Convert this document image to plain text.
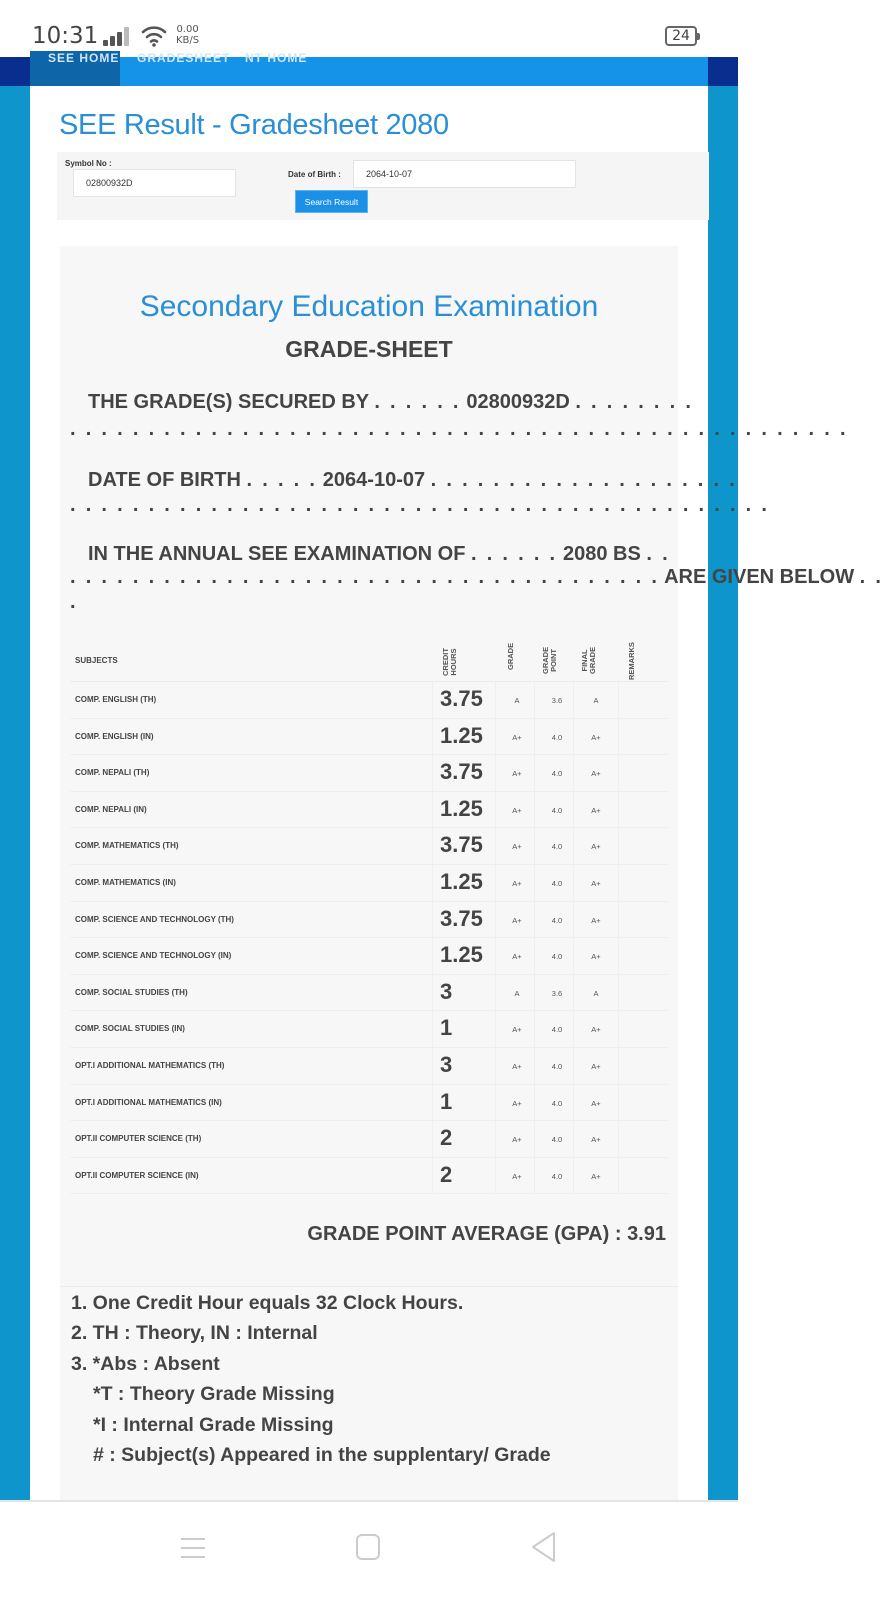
10:31	0.00
KB/S	24
SEE HOME GRADESHEET NT HOME
SEE Result - Gradesheet 2080
Symbol No :
02800932D
Date of Birth :	2064-10-07
Search Result
Secondary Education Examination
GRADE-SHEET
THE GRADE(S) SECURED BY . . . . . . 02800932D . . . . . . . .
. . . . . . . . . . . . . . . . . . . . . . . . . . . . . . . . . . . . . . . . . . . . . . . . . .
DATE OF BIRTH . . . . . 2064-10-07 . . . . . . . . . . . . . . . . . . . .
. . . . . . . . . . . . . . . . . . . . . . . . . . . . . . . . . . . . . . . . . . . . .
IN THE ANNUAL SEE EXAMINATION OF . . . . . . 2080 BS . .
. . . . . . . . . . . . . . . . . . . . . . . . . . . . . . . . . . . . . . ARE GIVEN BELOW . .
.
SUBJECTS	CREDIT HOURS	GRADE	GRADE POINT	FINAL GRADE	REMARKS
COMP. ENGLISH (TH)	3.75	A	3.6	A
COMP. ENGLISH (IN)	1.25	A+	4.0	A+
COMP. NEPALI (TH)	3.75	A+	4.0	A+
COMP. NEPALI (IN)	1.25	A+	4.0	A+
COMP. MATHEMATICS (TH)	3.75	A+	4.0	A+
COMP. MATHEMATICS (IN)	1.25	A+	4.0	A+
COMP. SCIENCE AND TECHNOLOGY (TH)	3.75	A+	4.0	A+
COMP. SCIENCE AND TECHNOLOGY (IN)	1.25	A+	4.0	A+
COMP. SOCIAL STUDIES (TH)	3	A	3.6	A
COMP. SOCIAL STUDIES (IN)	1	A+	4.0	A+
OPT.I ADDITIONAL MATHEMATICS (TH)	3	A+	4.0	A+
OPT.I ADDITIONAL MATHEMATICS (IN)	1	A+	4.0	A+
OPT.II COMPUTER SCIENCE (TH)	2	A+	4.0	A+
OPT.II COMPUTER SCIENCE (IN)	2	A+	4.0	A+
GRADE POINT AVERAGE (GPA) : 3.91
1. One Credit Hour equals 32 Clock Hours.
2. TH : Theory, IN : Internal
3. *Abs : Absent
*T : Theory Grade Missing
*I : Internal Grade Missing
# : Subject(s) Appeared in the supplentary/ Grade
